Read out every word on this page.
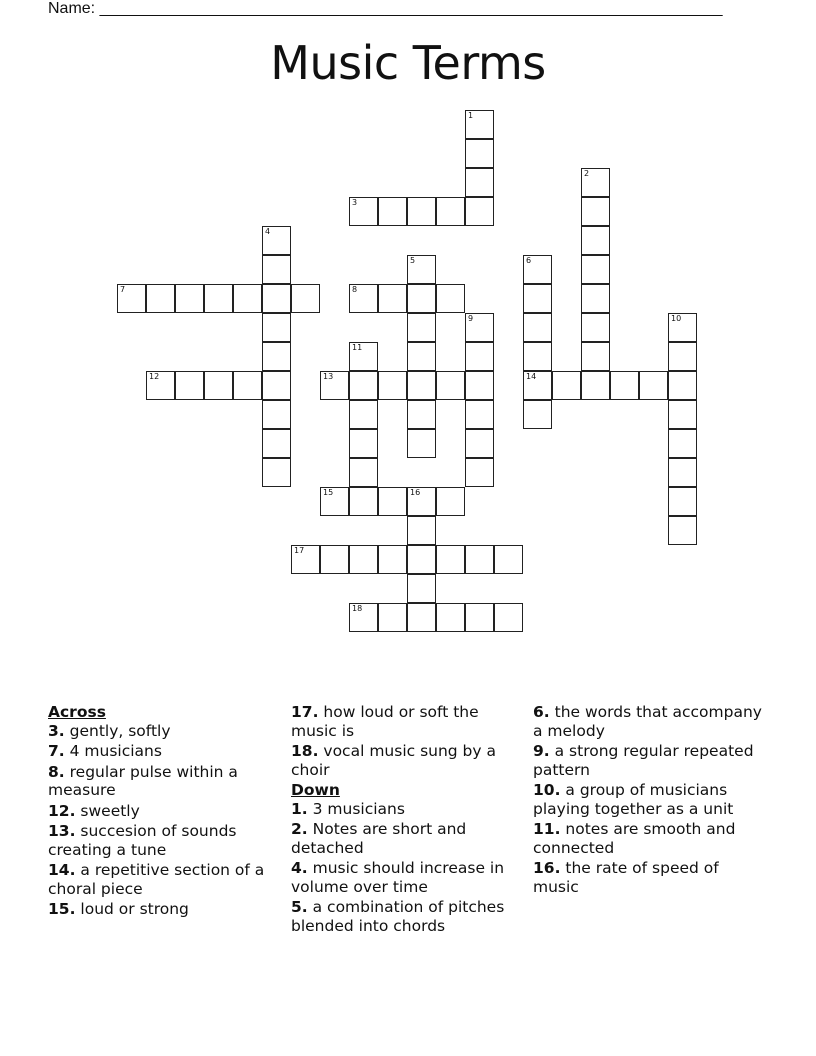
Name: ______________________________________________________________________
Music Terms
1
2
3
4
5	6
14
7	8
9	10
11
12	13
15	16
17
18
Across
3. gently, softly
7. 4 musicians
8. regular pulse within a measure
12. sweetly
13. succesion of sounds creating a tune
14. a repetitive section of a choral piece
15. loud or strong
17. how loud or soft the music is
18. vocal music sung by a choir
Down
1. 3 musicians
2. Notes are short and detached
4. music should increase in volume over time
5. a combination of pitches blended into chords
6. the words that accompany a melody
9. a strong regular repeated pattern
10. a group of musicians playing together as a unit
11. notes are smooth and connected
16. the rate of speed of music
